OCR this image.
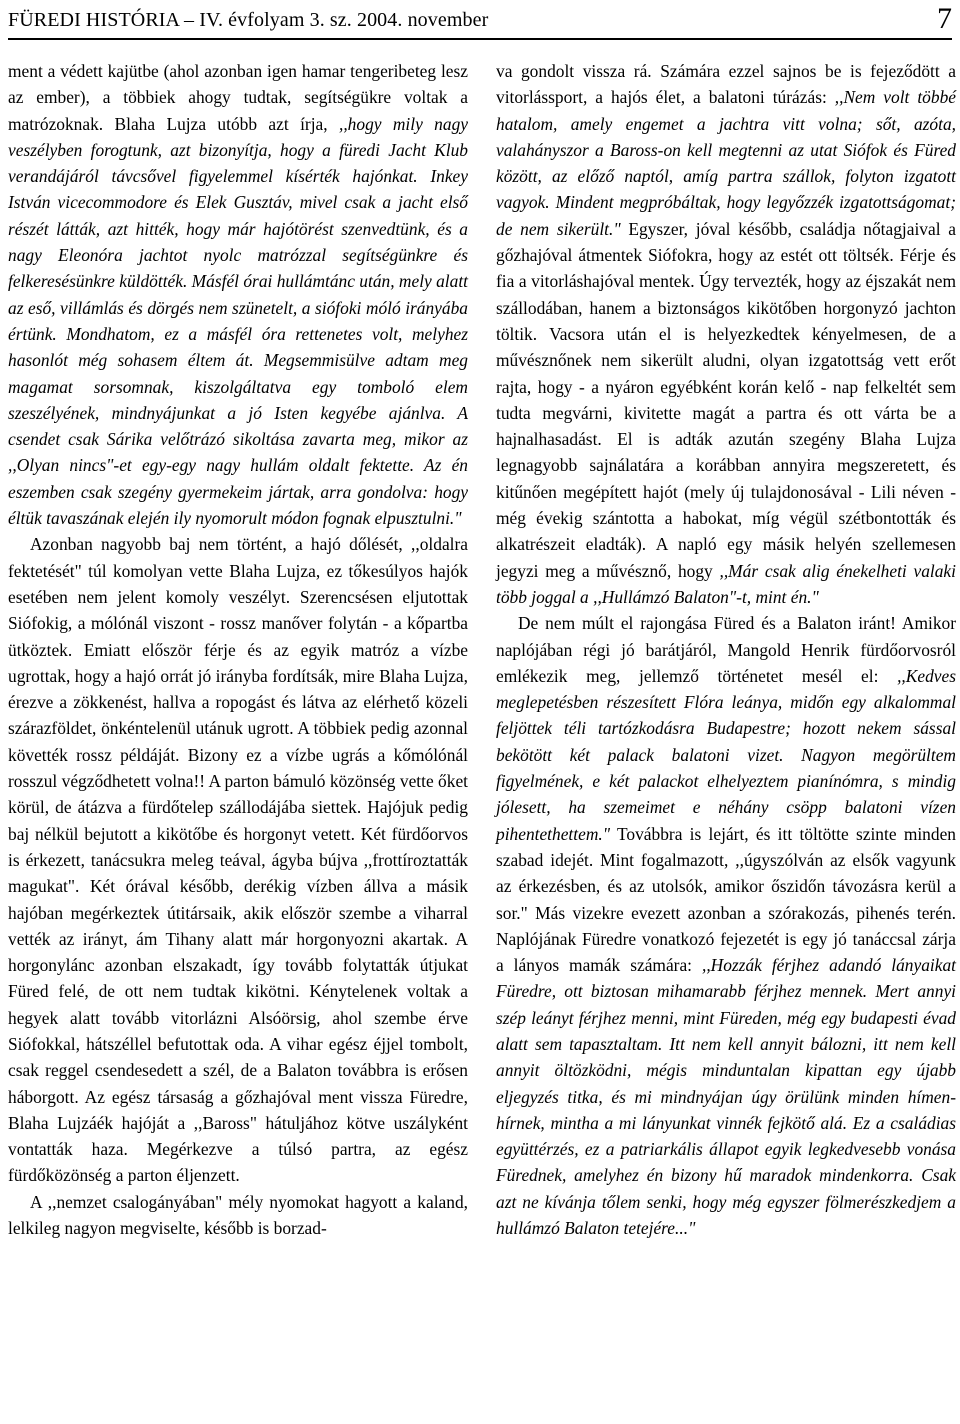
FÜREDI HISTÓRIA – IV. évfolyam 3. sz. 2004. november	7

ment a védett kajütbe (ahol azonban igen hamar tengeribeteg lesz az ember), a többiek ahogy tudtak, segítségükre voltak a matrózoknak. Blaha Lujza utóbb azt írja, ,,hogy mily nagy veszélyben forogtunk, azt bizonyítja, hogy a füredi Jacht Klub verandájáról távcsővel figyelemmel kísérték hajónkat. Inkey István vicecommodore és Elek Gusztáv, mivel csak a jacht első részét látták, azt hitték, hogy már hajótörést szenvedtünk, és a nagy Eleonóra jachtot nyolc matrózzal segítségünkre és felkeresésünkre küldötték. Másfél órai hullámtánc után, mely alatt az eső, villámlás és dörgés nem szünetelt, a siófoki móló irányába értünk. Mondhatom, ez a másfél óra rettenetes volt, melyhez hasonlót még sohasem éltem át. Megsemmisülve adtam meg magamat sorsomnak, kiszolgáltatva egy tomboló elem szeszélyének, mindnyájunkat a jó Isten kegyébe ajánlva. A csendet csak Sárika velőtrázó sikoltása zavarta meg, mikor az ,,Olyan nincs"-et egy-egy nagy hullám oldalt fektette. Az én eszemben csak szegény gyermekeim jártak, arra gondolva: hogy éltük tavaszának elején ily nyomorult módon fognak elpusztulni."

Azonban nagyobb baj nem történt, a hajó dőlését, ,,oldalra fektetését" túl komolyan vette Blaha Lujza, ez tőkesúlyos hajók esetében nem jelent komoly veszélyt. Szerencsésen eljutottak Siófokig, a mólónál viszont - rossz manőver folytán - a kőpartba ütköztek. Emiatt először férje és az egyik matróz a vízbe ugrottak, hogy a hajó orrát jó irányba fordítsák, mire Blaha Lujza, érezve a zökkenést, hallva a ropogást és látva az elérhető közeli szárazföldet, önkéntelenül utánuk ugrott. A többiek pedig azonnal követték rossz példáját. Bizony ez a vízbe ugrás a kőmólónál rosszul végződhetett volna!! A parton bámuló közönség vette őket körül, de átázva a fürdőtelep szállodájába siettek. Hajójuk pedig baj nélkül bejutott a kikötőbe és horgonyt vetett. Két fürdőorvos is érkezett, tanácsukra meleg teával, ágyba bújva ,,frottíroztatták magukat". Két órával később, derékig vízben állva a másik hajóban megérkeztek útitársaik, akik először szembe a viharral vették az irányt, ám Tihany alatt már horgonyozni akartak. A horgonylánc azonban elszakadt, így tovább folytatták útjukat Füred felé, de ott nem tudtak kikötni. Kénytelenek voltak a hegyek alatt tovább vitorlázni Alsóörsig, ahol szembe érve Siófokkal, hátszéllel befutottak oda. A vihar egész éjjel tombolt, csak reggel csendesedett a szél, de a Balaton továbbra is erősen háborgott. Az egész társaság a gőzhajóval ment vissza Füredre, Blaha Lujzáék hajóját a ,,Baross" hátuljához kötve uszályként vontatták haza. Megérkezve a túlsó partra, az egész fürdőközönség a parton éljenzett.

A ,,nemzet csalogányában" mély nyomokat hagyott a kaland, lelkileg nagyon megviselte, később is borzad-

va gondolt vissza rá. Számára ezzel sajnos be is fejeződött a vitorlássport, a hajós élet, a balatoni túrázás: ,,Nem volt többé hatalom, amely engemet a jachtra vitt volna; sőt, azóta, valahányszor a Baross-on kell megtenni az utat Siófok és Füred között, az előző naptól, amíg partra szállok, folyton izgatott vagyok. Mindent megpróbáltak, hogy legyőzzék izgatottságomat; de nem sikerült." Egyszer, jóval később, családja nőtagjaival a gőzhajóval átmentek Siófokra, hogy az estét ott töltsék. Férje és fia a vitorláshajóval mentek. Úgy tervezték, hogy az éjszakát nem szállodában, hanem a biztonságos kikötőben horgonyzó jachton töltik. Vacsora után el is helyezkedtek kényelmesen, de a művésznőnek nem sikerült aludni, olyan izgatottság vett erőt rajta, hogy - a nyáron egyébként korán kelő - nap felkeltét sem tudta megvárni, kivitette magát a partra és ott várta be a hajnalhasadást. El is adták azután szegény Blaha Lujza legnagyobb sajnálatára a korábban annyira megszeretett, és kitűnően megépített hajót (mely új tulajdonosával - Lili néven - még évekig szántotta a habokat, míg végül szétbontották és alkatrészeit eladták). A napló egy másik helyén szellemesen jegyzi meg a művésznő, hogy ,,Már csak alig énekelheti valaki több joggal a ,,Hullámzó Balaton"-t, mint én."

De nem múlt el rajongása Füred és a Balaton iránt! Amikor naplójában régi jó barátjáról, Mangold Henrik fürdőorvosról emlékezik meg, jellemző történetet mesél el: ,,Kedves meglepetésben részesített Flóra leánya, midőn egy alkalommal feljöttek téli tartózkodásra Budapestre; hozott nekem sással bekötött két palack balatoni vizet. Nagyon megörültem figyelmének, e két palackot elhelyeztem pianínómra, s mindig jólesett, ha szemeimet e néhány csöpp balatoni vízen pihentethettem." Továbbra is lejárt, és itt töltötte szinte minden szabad idejét. Mint fogalmazott, ,,úgyszólván az elsők vagyunk az érkezésben, és az utolsók, amikor őszidőn távozásra kerül a sor." Más vizekre evezett azonban a szórakozás, pihenés terén. Naplójának Füredre vonatkozó fejezetét is egy jó tanáccsal zárja a lányos mamák számára: ,,Hozzák férjhez adandó lányaikat Füredre, ott biztosan mihamarabb férjhez mennek. Mert annyi szép leányt férjhez menni, mint Füreden, még egy budapesti évad alatt sem tapasztaltam. Itt nem kell annyit bálozni, itt nem kell annyit öltözködni, mégis minduntalan kipattan egy újabb eljegyzés titka, és mi mindnyájan úgy örülünk minden hímen-hírnek, mintha a mi lányunkat vinnék fejkötő alá. Ez a családias együttérzés, ez a patriarkális állapot egyik legkedvesebb vonása Fürednek, amelyhez én bizony hű maradok mindenkorra. Csak azt ne kívánja tőlem senki, hogy még egyszer fölmerészkedjem a hullámzó Balaton tetejére..."
